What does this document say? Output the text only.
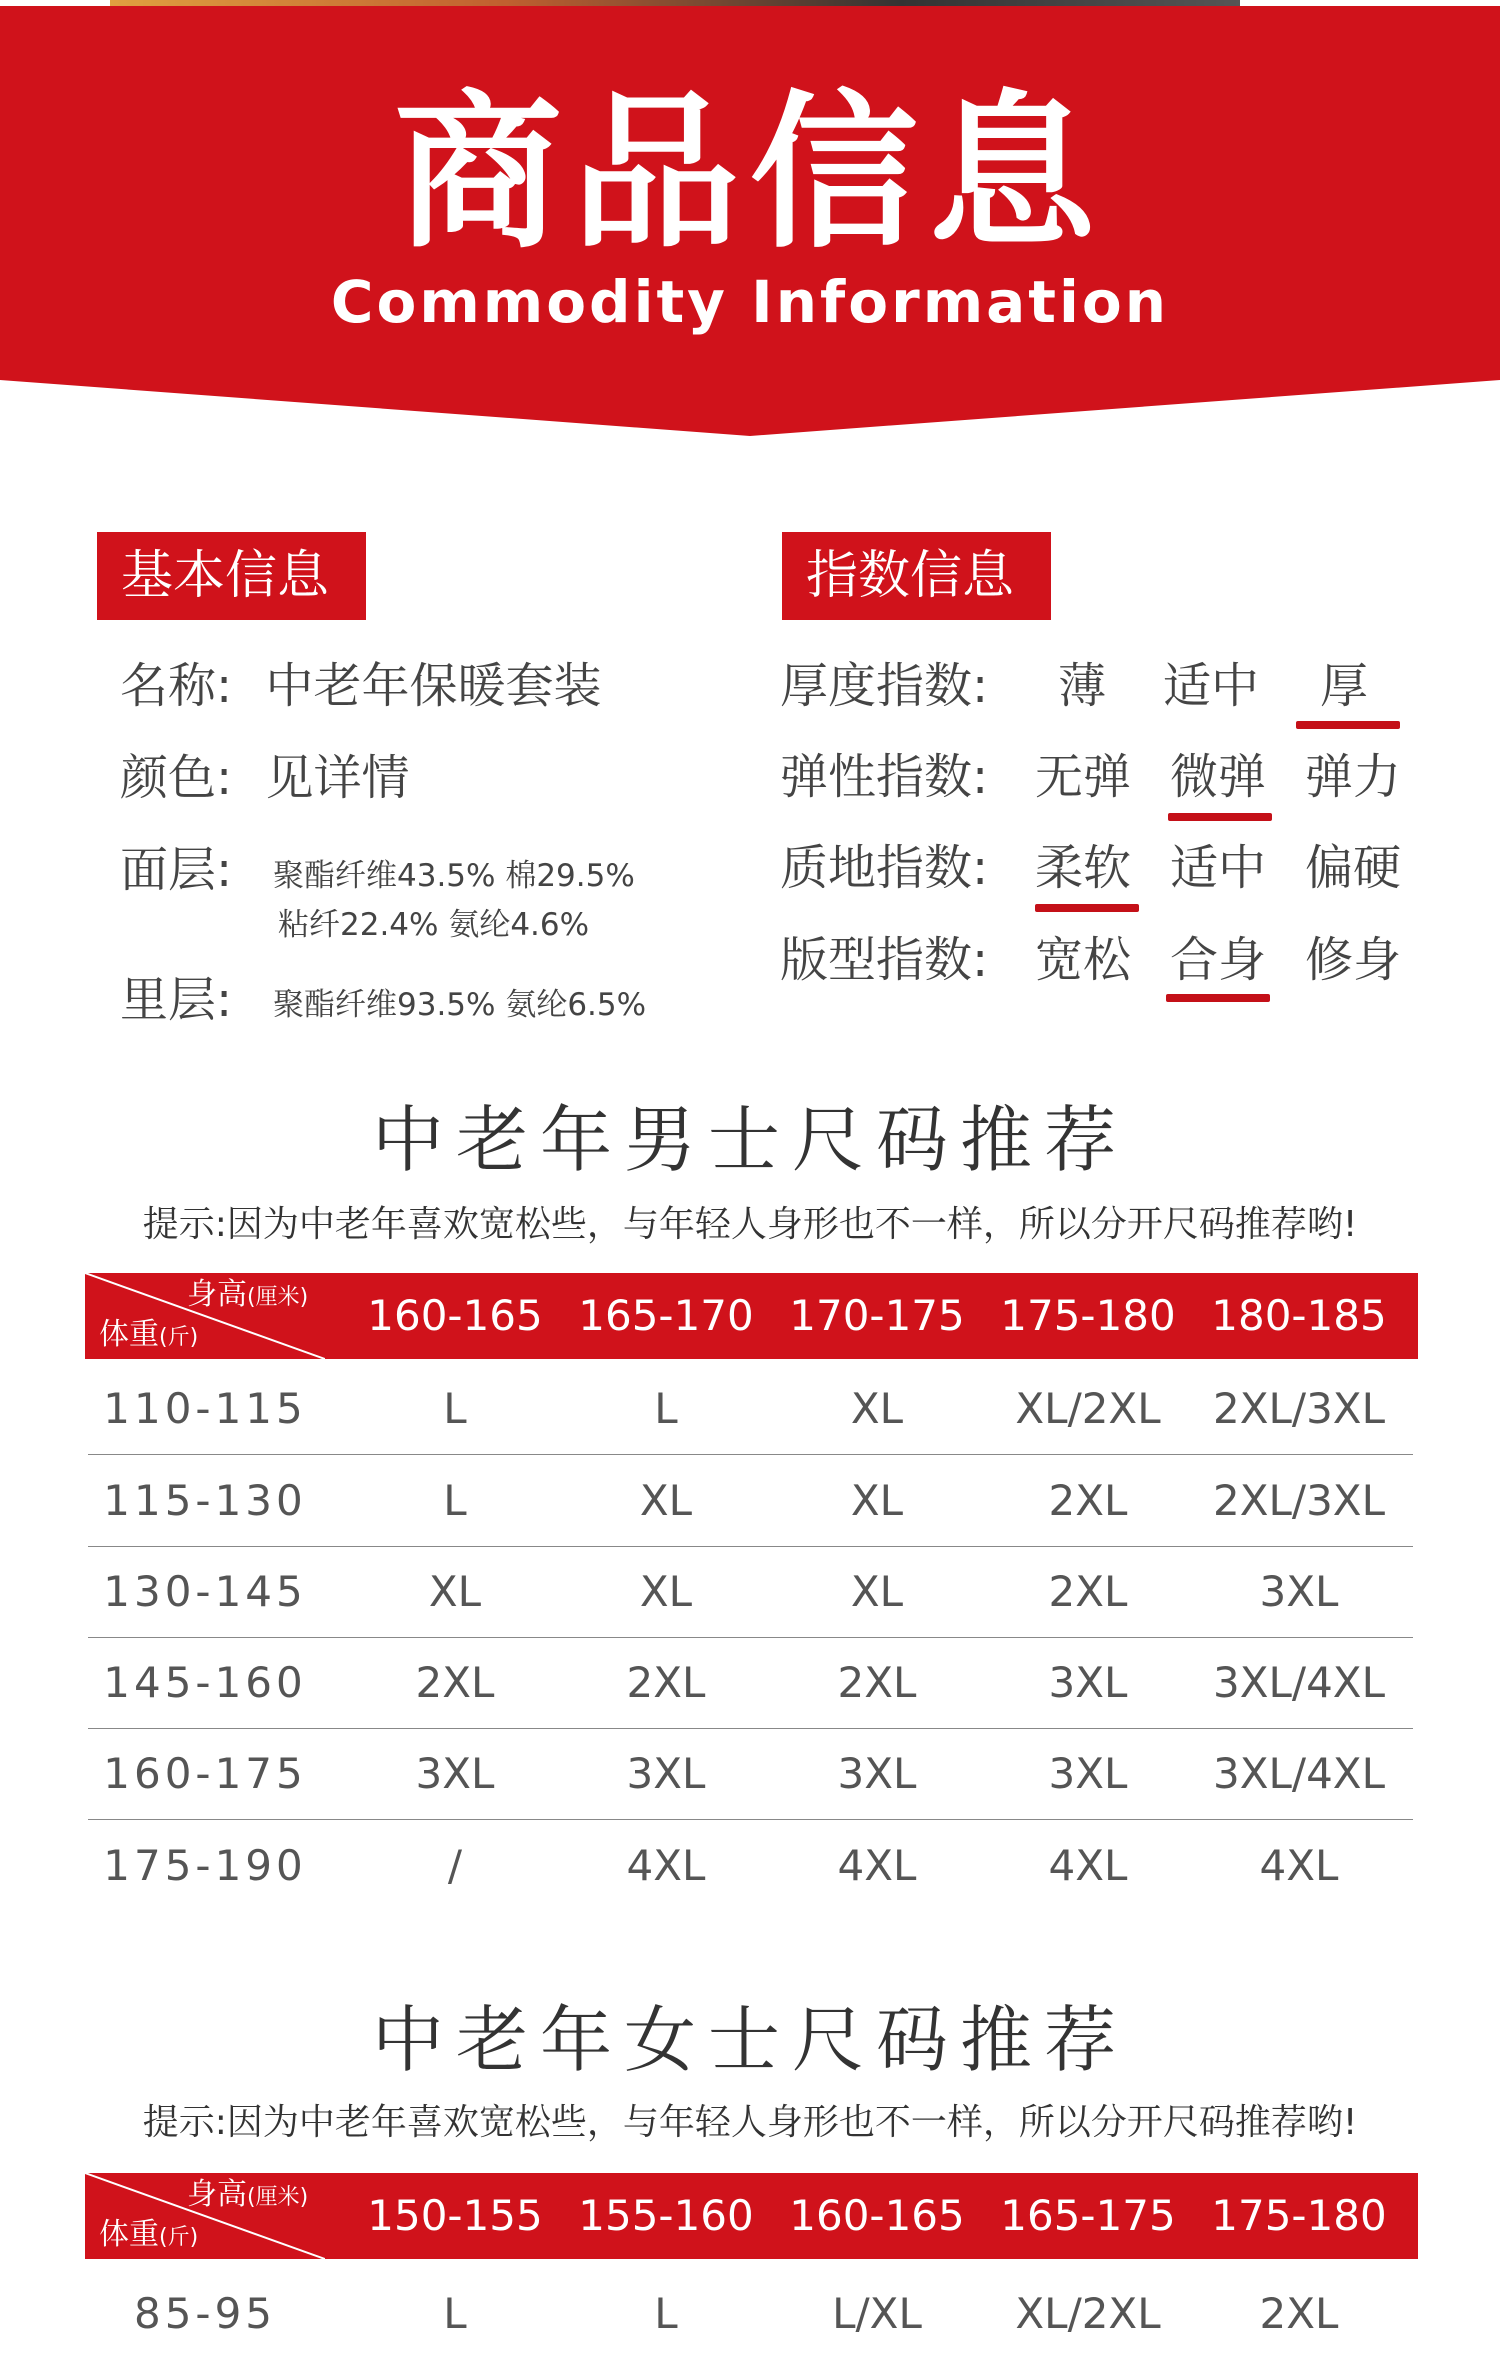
商品信息
Commodity Information
基本信息
名称: 中老年保暖套装
颜色: 见详情
面层: 聚酯纤维43.5% 棉29.5%
粘纤22.4% 氨纶4.6%
里层: 聚酯纤维93.5% 氨纶6.5%
指数信息
厚度指数: 薄 适中 厚
弹性指数: 无弹 微弹 弹力
质地指数: 柔软 适中 偏硬
版型指数: 宽松 合身 修身
中老年男士尺码推荐
提示:因为中老年喜欢宽松些，与年轻人身形也不一样，所以分开尺码推荐哟!
身高(厘米)
体重(斤)	160-165 165-170 170-175 175-180 180-185
110-115	L	L	XL	XL/2XL	2XL/3XL
115-130	L	XL	XL	2XL	2XL/3XL
130-145	XL	XL	XL	2XL	3XL
145-160	2XL	2XL	2XL	3XL	3XL/4XL
160-175	3XL	3XL	3XL	3XL	3XL/4XL
175-190	/	4XL	4XL	4XL	4XL
中老年女士尺码推荐
提示:因为中老年喜欢宽松些，与年轻人身形也不一样，所以分开尺码推荐哟!
身高(厘米)
体重(斤)	150-155 155-160 160-165 165-175 175-180
85-95	L	L	L/XL	XL/2XL	2XL
